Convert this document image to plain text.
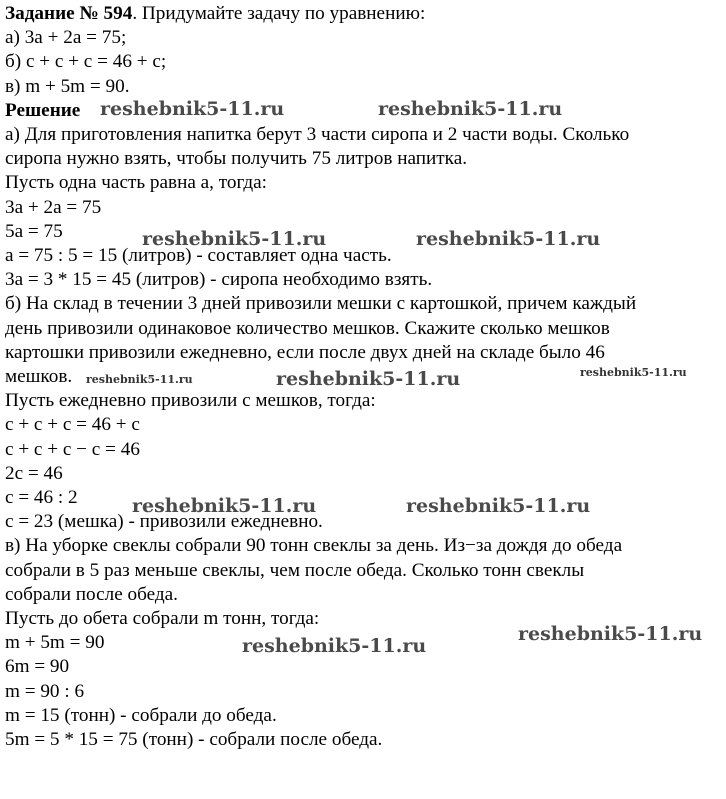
Задание № 594. Придумайте задачу по уравнению:

а) 3а + 2а = 75;

б) с + с + с = 46 + с;

в) m + 5m = 90.

Решение

а) Для приготовления напитка берут 3 части сиропа и 2 части воды. Сколько

сиропа нужно взять, чтобы получить 75 литров напитка.

Пусть одна часть равна а, тогда:

3а + 2а = 75

5а = 75

а = 75 : 5 = 15 (литров) - составляет одна часть.

3а = 3 * 15 = 45 (литров) - сиропа необходимо взять.

б) На склад в течении 3 дней привозили мешки с картошкой, причем каждый

день привозили одинаковое количество мешков. Скажите сколько мешков

картошки привозили ежедневно, если после двух дней на складе было 46

мешков.

Пусть ежедневно привозили с мешков, тогда:

с + с + с = 46 + с

с + с + с − с = 46

2с = 46

с = 46 : 2

с = 23 (мешка) - привозили ежедневно.

в) На уборке свеклы собрали 90 тонн свеклы за день. Из−за дождя до обеда

собрали в 5 раз меньше свеклы, чем после обеда. Сколько тонн свеклы

собрали после обеда.

Пусть до обета собрали m тонн, тогда:

m + 5m = 90

6m = 90

m = 90 : 6

m = 15 (тонн) - собрали до обеда.

5m = 5 * 15 = 75 (тонн) - собрали после обеда.

reshebnik5-11.ru	reshebnik5-11.ru
reshebnik5-11.ru	reshebnik5-11.ru
reshebnik5-11.ru	reshebnik5-11.ru	reshebnik5-11.ru
reshebnik5-11.ru	reshebnik5-11.ru
reshebnik5-11.ru
reshebnik5-11.ru
